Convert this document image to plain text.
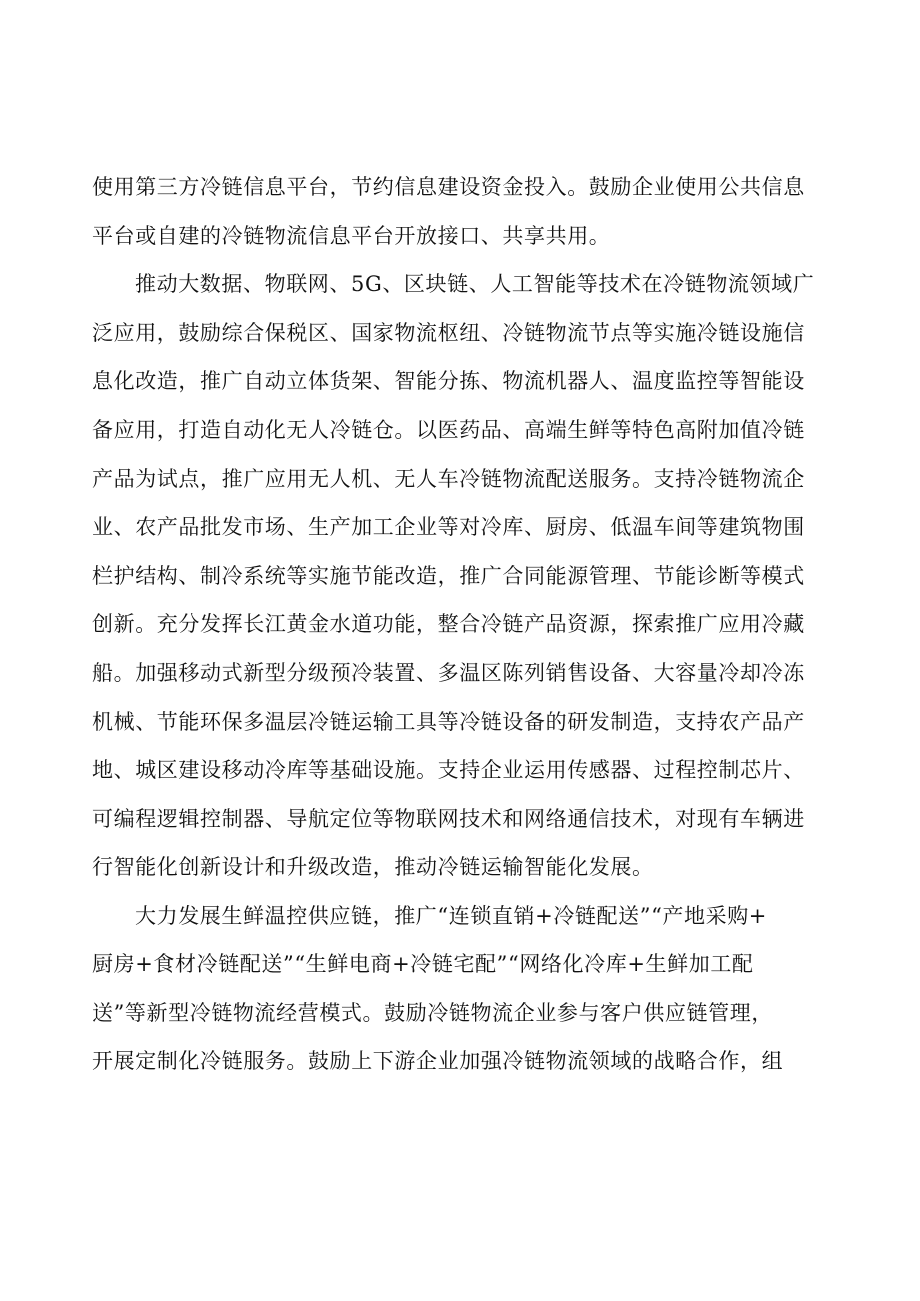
使用第三方冷链信息平台，节约信息建设资金投入。鼓励企业使用公共信息
平台或自建的冷链物流信息平台开放接口、共享共用。
推动大数据、物联网、5G、区块链、人工智能等技术在冷链物流领域广
泛应用，鼓励综合保税区、国家物流枢纽、冷链物流节点等实施冷链设施信
息化改造，推广自动立体货架、智能分拣、物流机器人、温度监控等智能设
备应用，打造自动化无人冷链仓。以医药品、高端生鲜等特色高附加值冷链
产品为试点，推广应用无人机、无人车冷链物流配送服务。支持冷链物流企
业、农产品批发市场、生产加工企业等对冷库、厨房、低温车间等建筑物围
栏护结构、制冷系统等实施节能改造，推广合同能源管理、节能诊断等模式
创新。充分发挥长江黄金水道功能，整合冷链产品资源，探索推广应用冷藏
船。加强移动式新型分级预冷装置、多温区陈列销售设备、大容量冷却冷冻
机械、节能环保多温层冷链运输工具等冷链设备的研发制造，支持农产品产
地、城区建设移动冷库等基础设施。支持企业运用传感器、过程控制芯片、
可编程逻辑控制器、导航定位等物联网技术和网络通信技术，对现有车辆进
行智能化创新设计和升级改造，推动冷链运输智能化发展。
大力发展生鲜温控供应链，推广“连锁直销+冷链配送”“产地采购+
厨房+食材冷链配送”“生鲜电商+冷链宅配”“网络化冷库+生鲜加工配
送”等新型冷链物流经营模式。鼓励冷链物流企业参与客户供应链管理，
开展定制化冷链服务。鼓励上下游企业加强冷链物流领域的战略合作，组
